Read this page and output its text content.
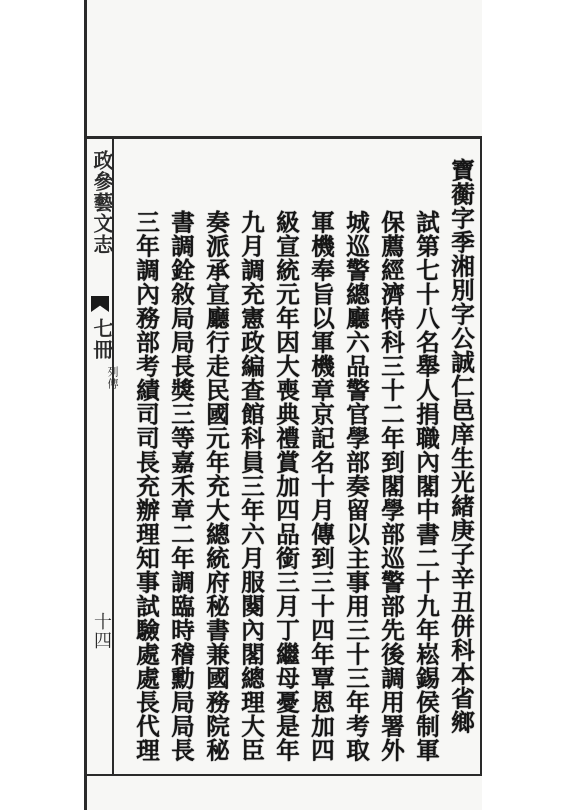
政參藝文志
七冊
列傳
十四	寶蘅字季湘別字公誠仁邑庠生光緒庚子辛丑併科本省鄉
試第七十八名舉人捐職內閣中書二十九年崧錫侯制軍
保薦經濟特科三十二年到閣學部巡警部先後調用署外
城巡警總廳六品警官學部奏留以主事用三十三年考取
軍機奉旨以軍機章京記名十月傳到三十四年覃恩加四
級宣統元年因大喪典禮賞加四品銜三月丁繼母憂是年
九月調充憲政編查館科員三年六月服闋內閣總理大臣
奏派承宣廳行走民國元年充大總統府秘書兼國務院秘
書調銓敘局局長獎三等嘉禾章二年調臨時稽勳局局長
三年調內務部考績司司長充辦理知事試驗處處長代理
